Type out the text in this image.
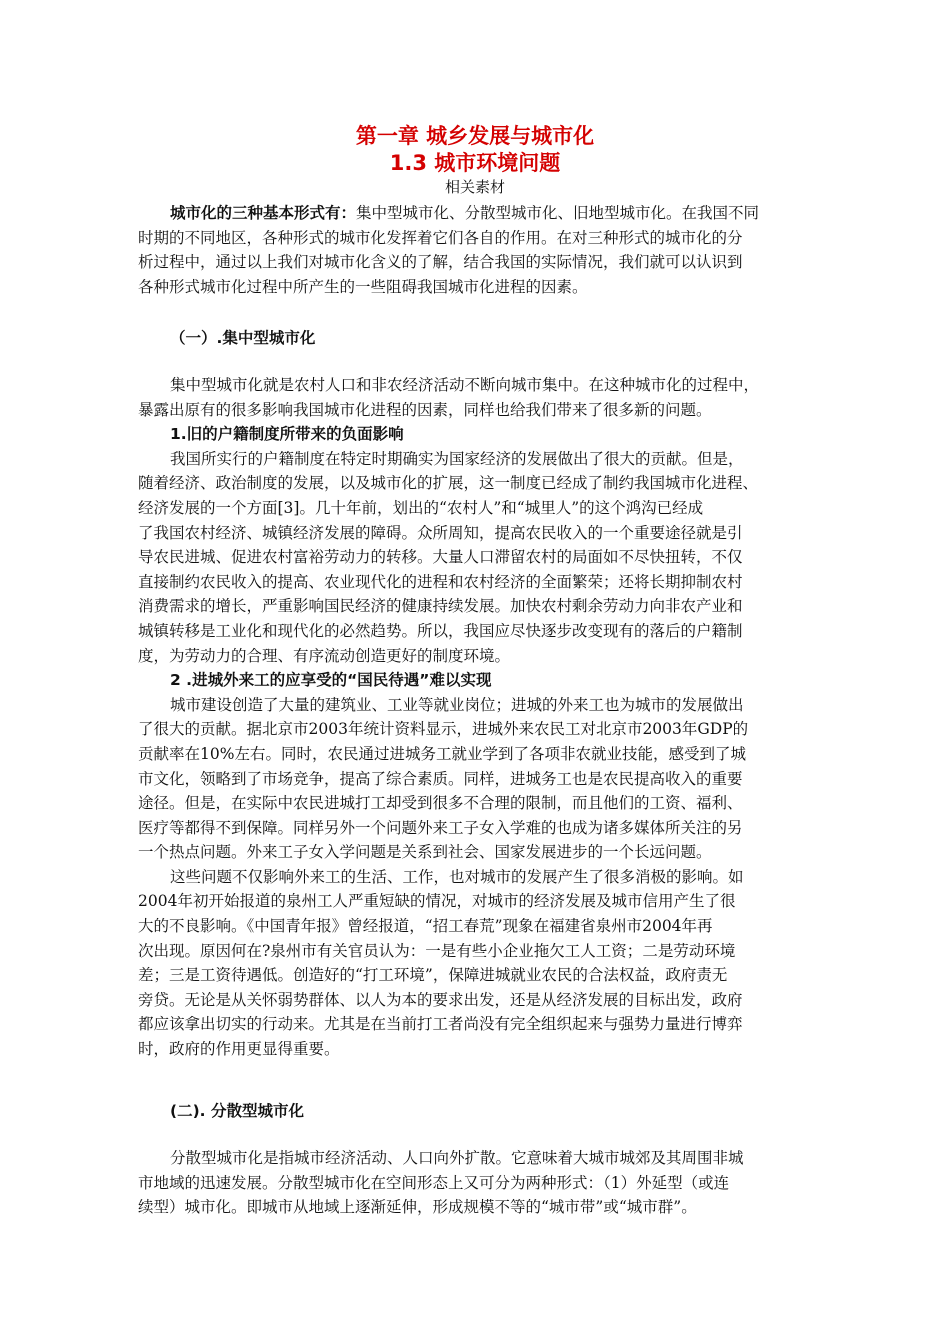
第一章 城乡发展与城市化
1.3 城市环境问题
相关素材
城市化的三种基本形式有：集中型城市化、分散型城市化、旧地型城市化。在我国不同
时期的不同地区，各种形式的城市化发挥着它们各自的作用。在对三种形式的城市化的分
析过程中，通过以上我们对城市化含义的了解，结合我国的实际情况，我们就可以认识到
各种形式城市化过程中所产生的一些阻碍我国城市化进程的因素。
（一）.集中型城市化
集中型城市化就是农村人口和非农经济活动不断向城市集中。在这种城市化的过程中，
暴露出原有的很多影响我国城市化进程的因素，同样也给我们带来了很多新的问题。
1.旧的户籍制度所带来的负面影响
我国所实行的户籍制度在特定时期确实为国家经济的发展做出了很大的贡献。但是，
随着经济、政治制度的发展，以及城市化的扩展，这一制度已经成了制约我国城市化进程、
经济发展的一个方面[3]。几十年前，划出的“农村人”和“城里人”的这个鸿沟已经成
了我国农村经济、城镇经济发展的障碍。众所周知，提高农民收入的一个重要途径就是引
导农民进城、促进农村富裕劳动力的转移。大量人口滞留农村的局面如不尽快扭转，不仅
直接制约农民收入的提高、农业现代化的进程和农村经济的全面繁荣；还将长期抑制农村
消费需求的增长，严重影响国民经济的健康持续发展。加快农村剩余劳动力向非农产业和
城镇转移是工业化和现代化的必然趋势。所以，我国应尽快逐步改变现有的落后的户籍制
度，为劳动力的合理、有序流动创造更好的制度环境。
2 .进城外来工的应享受的“国民待遇”难以实现
城市建设创造了大量的建筑业、工业等就业岗位；进城的外来工也为城市的发展做出
了很大的贡献。据北京市2003年统计资料显示，进城外来农民工对北京市2003年GDP的
贡献率在10%左右。同时，农民通过进城务工就业学到了各项非农就业技能，感受到了城
市文化，领略到了市场竞争，提高了综合素质。同样，进城务工也是农民提高收入的重要
途径。但是，在实际中农民进城打工却受到很多不合理的限制，而且他们的工资、福利、
医疗等都得不到保障。同样另外一个问题外来工子女入学难的也成为诸多媒体所关注的另
一个热点问题。外来工子女入学问题是关系到社会、国家发展进步的一个长远问题。
这些问题不仅影响外来工的生活、工作，也对城市的发展产生了很多消极的影响。如
2004年初开始报道的泉州工人严重短缺的情况，对城市的经济发展及城市信用产生了很
大的不良影响。《中国青年报》曾经报道，“招工春荒”现象在福建省泉州市2004年再
次出现。原因何在?泉州市有关官员认为：一是有些小企业拖欠工人工资；二是劳动环境
差；三是工资待遇低。创造好的“打工环境”，保障进城就业农民的合法权益，政府责无
旁贷。无论是从关怀弱势群体、以人为本的要求出发，还是从经济发展的目标出发，政府
都应该拿出切实的行动来。尤其是在当前打工者尚没有完全组织起来与强势力量进行博弈
时，政府的作用更显得重要。
(二). 分散型城市化
分散型城市化是指城市经济活动、人口向外扩散。它意味着大城市城郊及其周围非城
市地域的迅速发展。分散型城市化在空间形态上又可分为两种形式：（1）外延型（或连
续型）城市化。即城市从地域上逐渐延伸，形成规模不等的“城市带”或“城市群”。
